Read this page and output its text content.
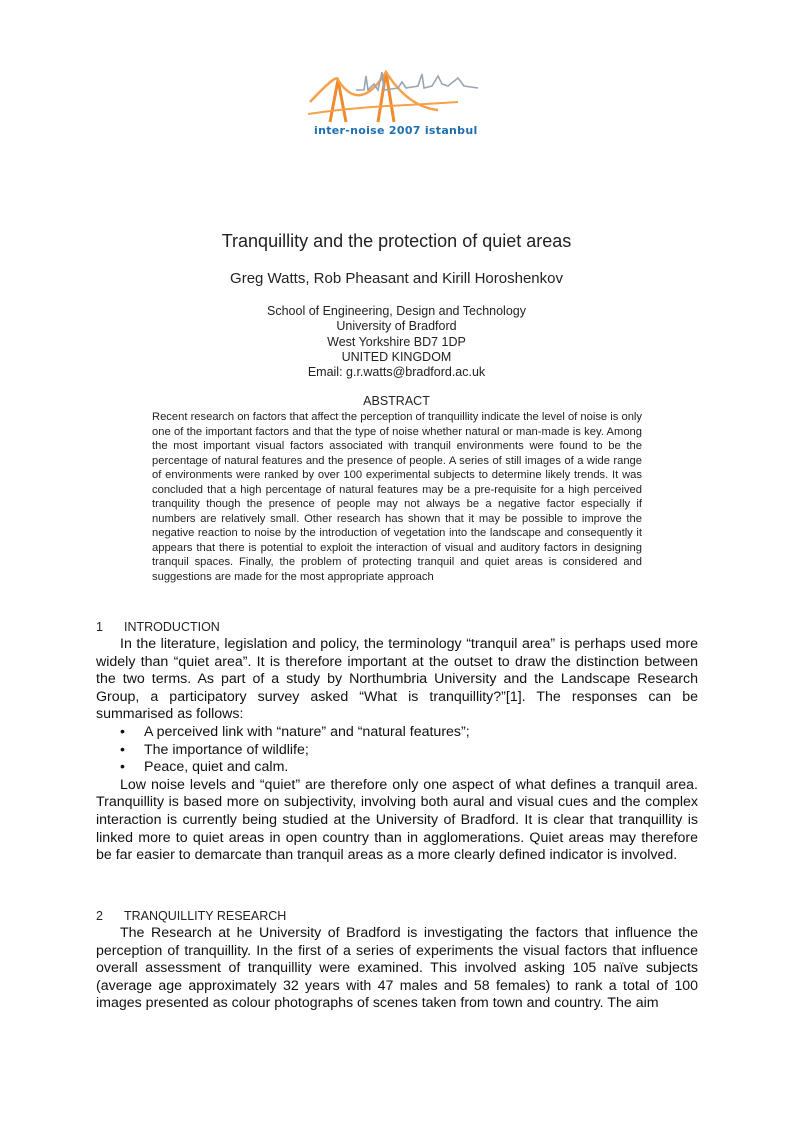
inter-noise 2007 istanbul
Tranquillity and the protection of quiet areas
Greg Watts, Rob Pheasant and Kirill Horoshenkov
School of Engineering, Design and Technology
University of Bradford
West Yorkshire BD7 1DP
UNITED KINGDOM
Email: g.r.watts@bradford.ac.uk
ABSTRACT

Recent research on factors that affect the perception of tranquillity indicate the level of noise is only one of the important factors and that the type of noise whether natural or man-made is key. Among the most important visual factors associated with tranquil environments were found to be the percentage of natural features and the presence of people. A series of still images of a wide range of environments were ranked by over 100 experimental subjects to determine likely trends. It was concluded that a high percentage of natural features may be a pre-requisite for a high perceived tranquility though the presence of people may not always be a negative factor especially if numbers are relatively small. Other research has shown that it may be possible to improve the negative reaction to noise by the introduction of vegetation into the landscape and consequently it appears that there is potential to exploit the interaction of visual and auditory factors in designing tranquil spaces. Finally, the problem of protecting tranquil and quiet areas is considered and suggestions are made for the most appropriate approach

1 INTRODUCTION

In the literature, legislation and policy, the terminology “tranquil area” is perhaps used more widely than “quiet area”. It is therefore important at the outset to draw the distinction between the two terms. As part of a study by Northumbria University and the Landscape Research Group, a participatory survey asked “What is tranquillity?”[1]. The responses can be summarised as follows:

• A perceived link with “nature” and “natural features”;
• The importance of wildlife;
• Peace, quiet and calm.

Low noise levels and “quiet” are therefore only one aspect of what defines a tranquil area. Tranquillity is based more on subjectivity, involving both aural and visual cues and the complex interaction is currently being studied at the University of Bradford. It is clear that tranquillity is linked more to quiet areas in open country than in agglomerations. Quiet areas may therefore be far easier to demarcate than tranquil areas as a more clearly defined indicator is involved.

2 TRANQUILLITY RESEARCH

The Research at he University of Bradford is investigating the factors that influence the perception of tranquillity. In the first of a series of experiments the visual factors that influence overall assessment of tranquillity were examined. This involved asking 105 naïve subjects (average age approximately 32 years with 47 males and 58 females) to rank a total of 100 images presented as colour photographs of scenes taken from town and country. The aim
